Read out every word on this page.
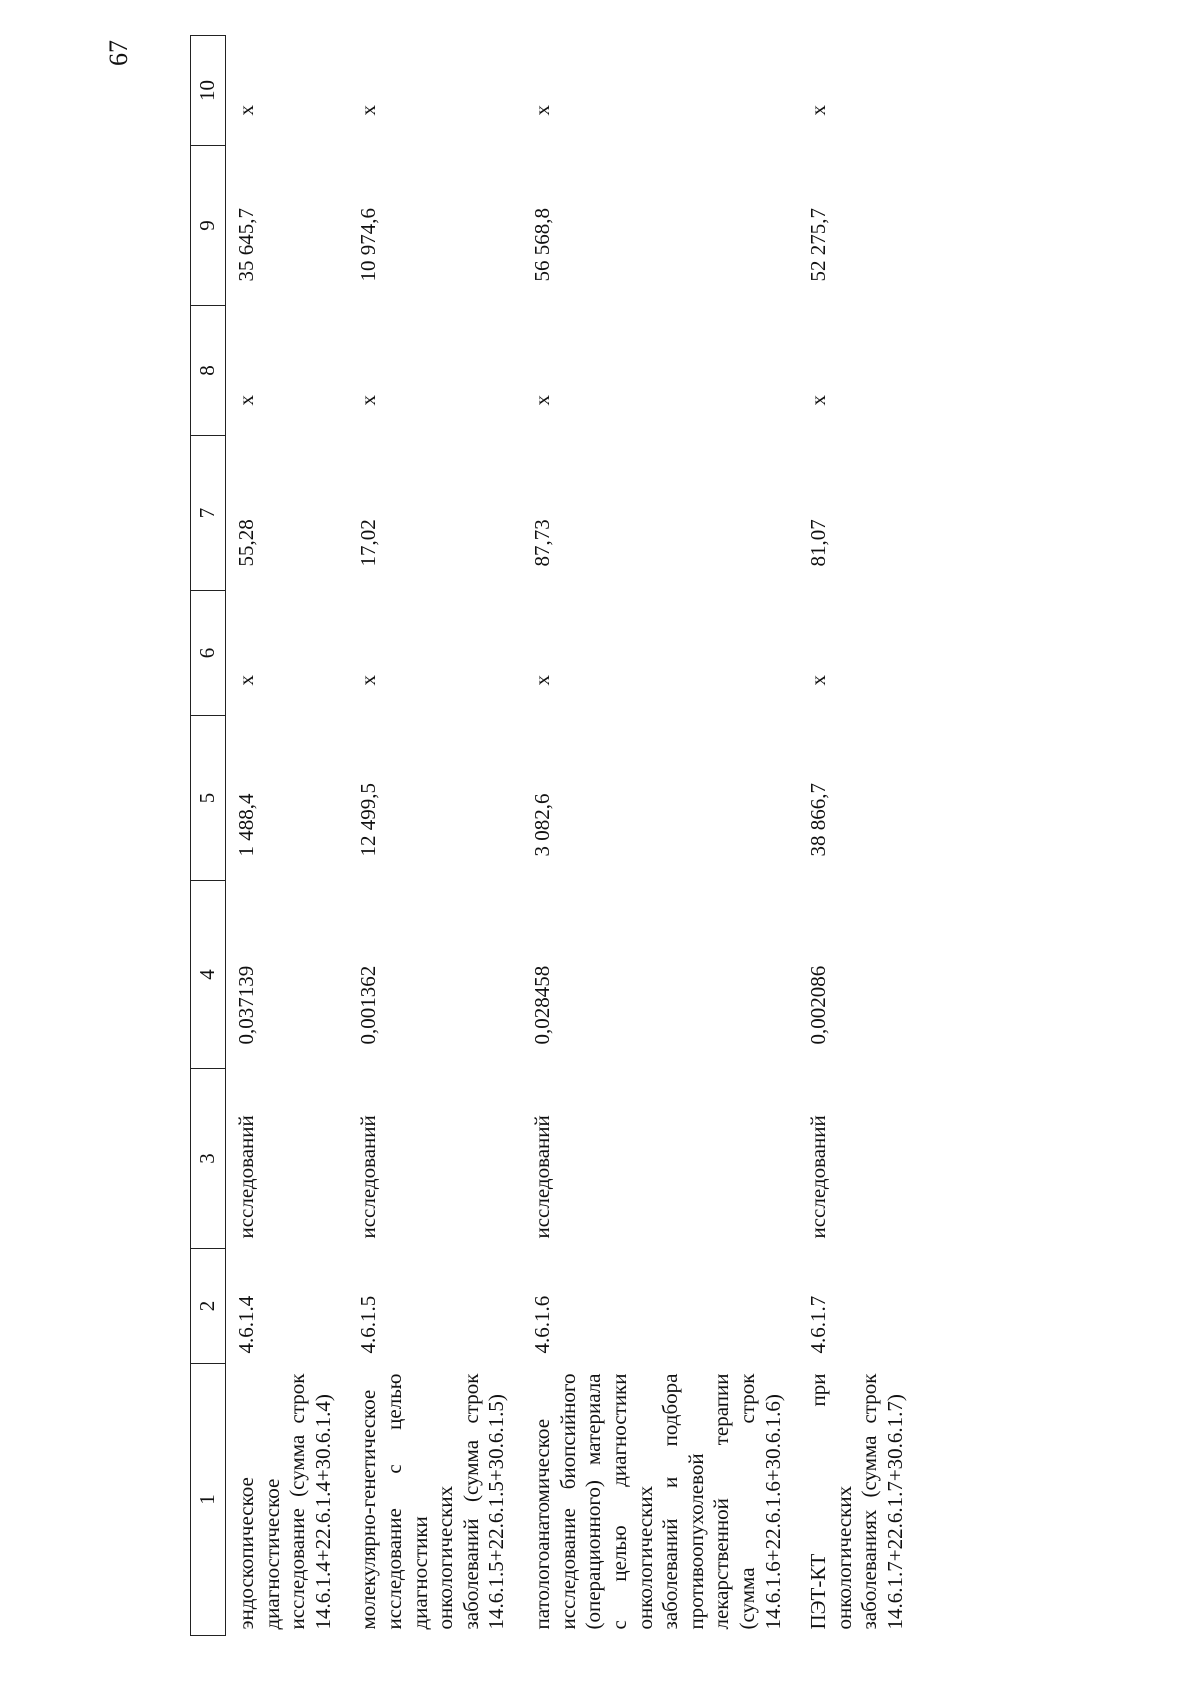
67
1	2	3	4	5	6	7	8	9	10

эндоскопическое диагностическое исследование (сумма строк 14.6.1.4+22.6.1.4+30.6.1.4)	4.6.1.4	исследований	0,037139	1 488,4	х	55,28	х	35 645,7	х

молекулярно-генетическое исследование с целью диагностики онкологических заболеваний (сумма строк 14.6.1.5+22.6.1.5+30.6.1.5)	4.6.1.5	исследований	0,001362	12 499,5	х	17,02	х	10 974,6	х

патологоанатомическое исследование биопсийного (операционного) материала с целью диагностики онкологических заболеваний и подбора противоопухолевой лекарственной терапии (сумма строк 14.6.1.6+22.6.1.6+30.6.1.6)	4.6.1.6	исследований	0,028458	3 082,6	х	87,73	х	56 568,8	х

ПЭТ-КТ при онкологических заболеваниях (сумма строк 14.6.1.7+22.6.1.7+30.6.1.7)	4.6.1.7	исследований	0,002086	38 866,7	х	81,07	х	52 275,7	х
